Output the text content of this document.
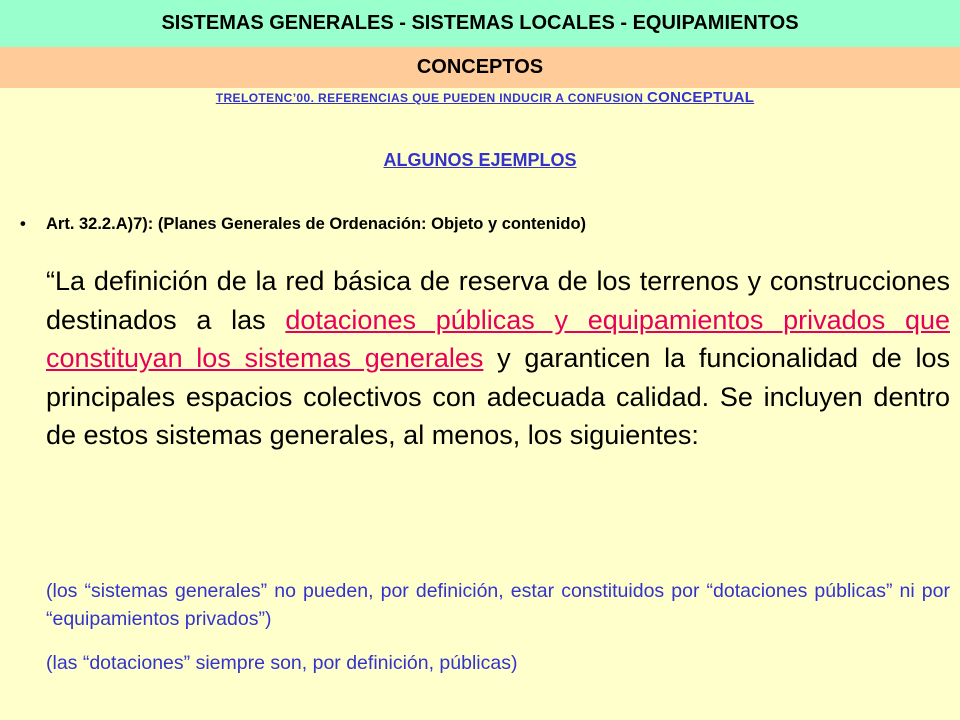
SISTEMAS GENERALES - SISTEMAS LOCALES - EQUIPAMIENTOS
CONCEPTOS
TRELOTENC’00. REFERENCIAS QUE PUEDEN INDUCIR A CONFUSION CONCEPTUAL
ALGUNOS EJEMPLOS
• Art. 32.2.A)7): (Planes Generales de Ordenación: Objeto y contenido)
“La definición de la red básica de reserva de los terrenos y construcciones destinados a las dotaciones públicas y equipamientos privados que constituyan los sistemas generales y garanticen la funcionalidad de los principales espacios colectivos con adecuada calidad. Se incluyen dentro de estos sistemas generales, al menos, los siguientes:
(los “sistemas generales” no pueden, por definición, estar constituidos por “dotaciones públicas” ni por “equipamientos privados”)
(las “dotaciones” siempre son, por definición, públicas)
